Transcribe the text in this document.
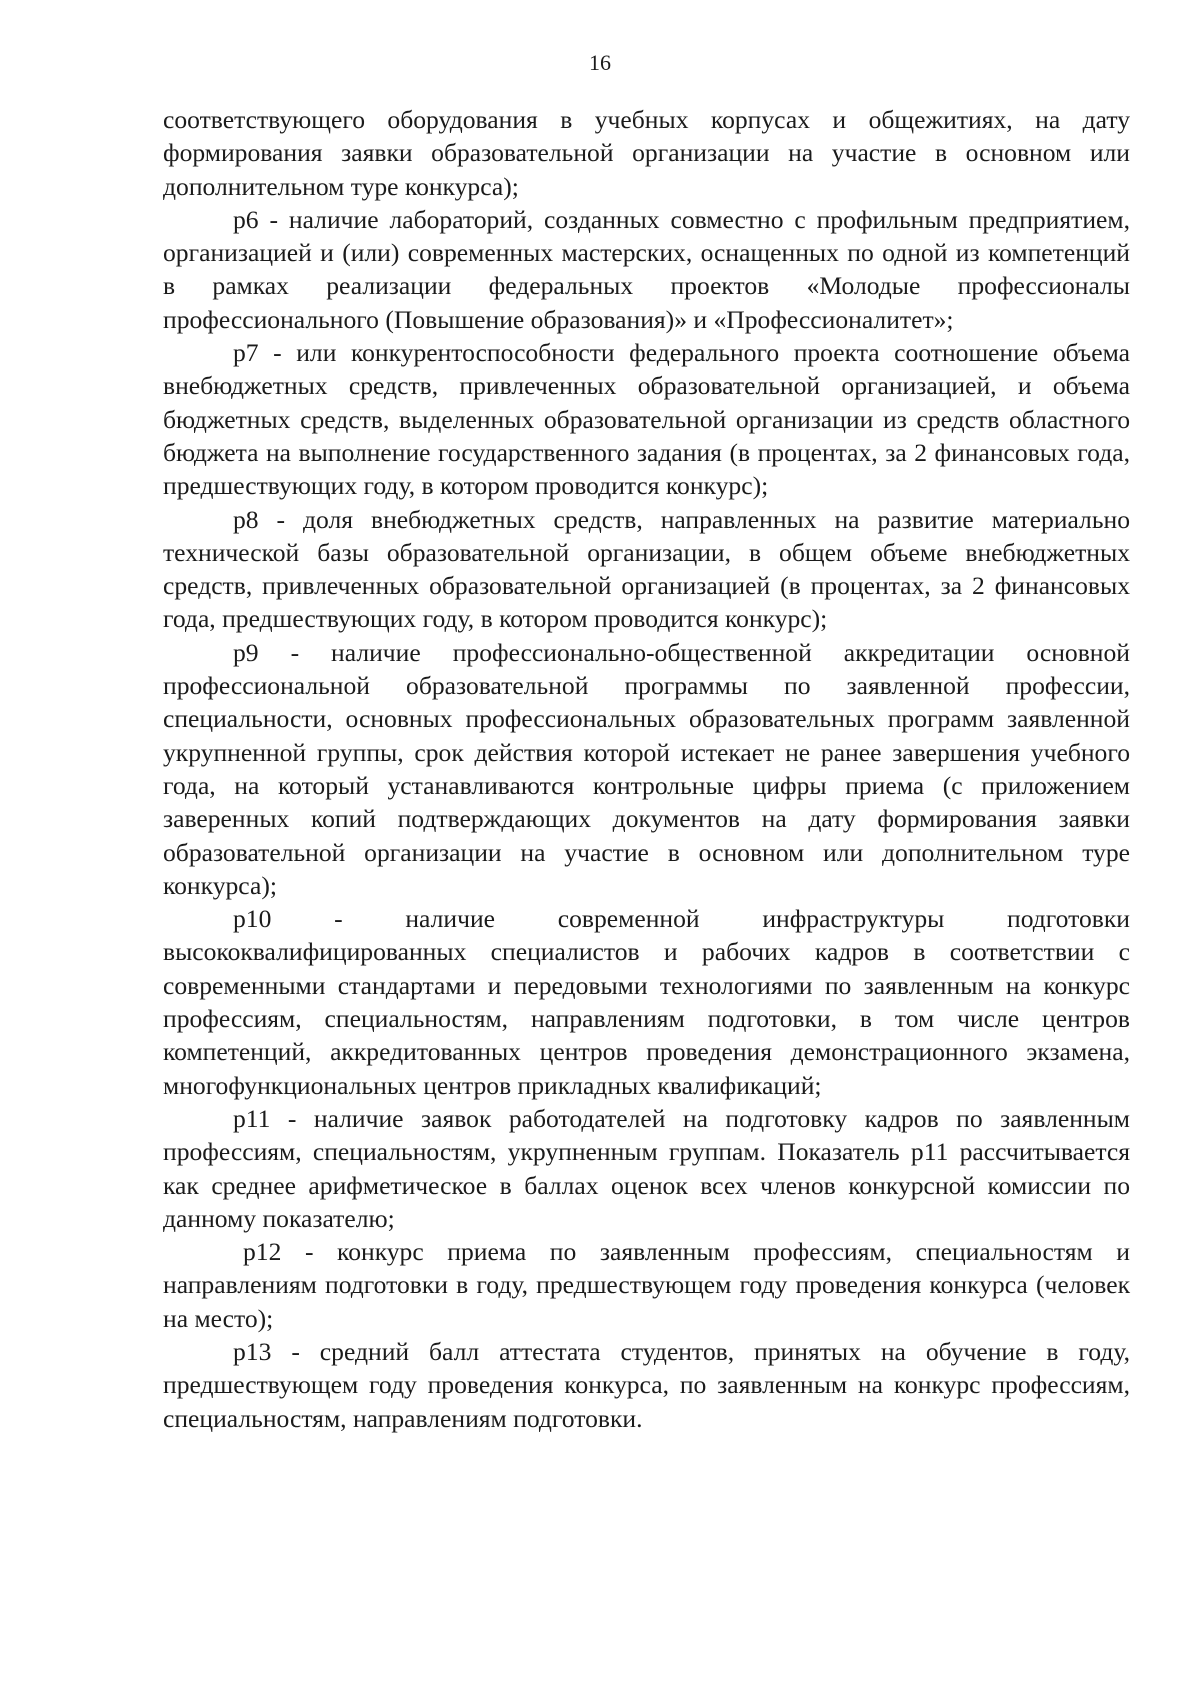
16

соответствующего оборудования в учебных корпусах и общежитиях, на дату формирования заявки образовательной организации на участие в основном или дополнительном туре конкурса);

р6 - наличие лабораторий, созданных совместно с профильным предприятием, организацией и (или) современных мастерских, оснащенных по одной из компетенций в рамках реализации федеральных проектов «Молодые профессионалы профессионального (Повышение образования)» и «Профессионалитет»;

р7 - или конкурентоспособности федерального проекта соотношение объема внебюджетных средств, привлеченных образовательной организацией, и объема бюджетных средств, выделенных образовательной организации из средств областного бюджета на выполнение государственного задания (в процентах, за 2 финансовых года, предшествующих году, в котором проводится конкурс);

р8 - доля внебюджетных средств, направленных на развитие материально технической базы образовательной организации, в общем объеме внебюджетных средств, привлеченных образовательной организацией (в процентах, за 2 финансовых года, предшествующих году, в котором проводится конкурс);

р9 - наличие профессионально-общественной аккредитации основной профессиональной образовательной программы по заявленной профессии, специальности, основных профессиональных образовательных программ заявленной укрупненной группы, срок действия которой истекает не ранее завершения учебного года, на который устанавливаются контрольные цифры приема (с приложением заверенных копий подтверждающих документов на дату формирования заявки образовательной организации на участие в основном или дополнительном туре конкурса);

р10 - наличие современной инфраструктуры подготовки высококвалифицированных специалистов и рабочих кадров в соответствии с современными стандартами и передовыми технологиями по заявленным на конкурс профессиям, специальностям, направлениям подготовки, в том числе центров компетенций, аккредитованных центров проведения демонстрационного экзамена, многофункциональных центров прикладных квалификаций;

р11 - наличие заявок работодателей на подготовку кадров по заявленным профессиям, специальностям, укрупненным группам. Показатель р11 рассчитывается как среднее арифметическое в баллах оценок всех членов конкурсной комиссии по данному показателю;

р12 - конкурс приема по заявленным профессиям, специальностям и направлениям подготовки в году, предшествующем году проведения конкурса (человек на место);

р13 - средний балл аттестата студентов, принятых на обучение в году, предшествующем году проведения конкурса, по заявленным на конкурс профессиям, специальностям, направлениям подготовки.
